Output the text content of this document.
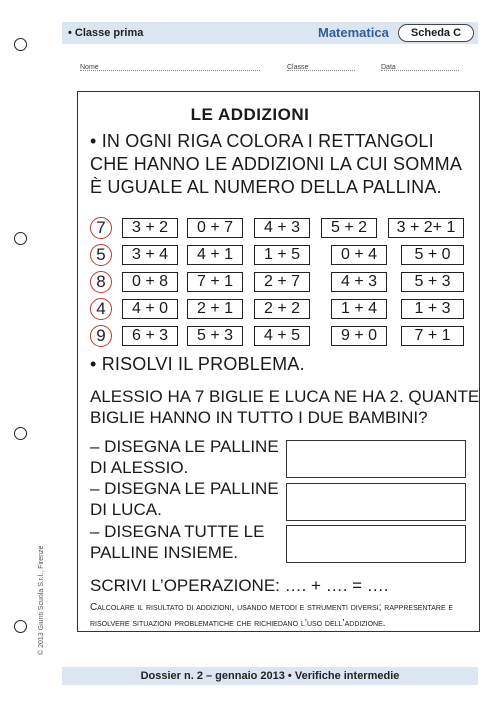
• Classe prima	Matematica	Scheda C
Nome	Classe	Data
LE ADDIZIONI
• IN OGNI RIGA COLORA I RETTANGOLI
CHE HANNO LE ADDIZIONI LA CUI SOMMA
È UGUALE AL NUMERO DELLA PALLINA.
7	3 + 2	0 + 7	4 + 3	5 + 2	3 + 2+ 1
5	3 + 4	4 + 1	1 + 5	0 + 4	5 + 0
8	0 + 8	7 + 1	2 + 7	4 + 3	5 + 3
4	4 + 0	2 + 1	2 + 2	1 + 4	1 + 3
9	6 + 3	5 + 3	4 + 5	9 + 0	7 + 1
• RISOLVI IL PROBLEMA.
ALESSIO HA 7 BIGLIE E LUCA NE HA 2. QUANTE
BIGLIE HANNO IN TUTTO I DUE BAMBINI?
– DISEGNA LE PALLINE
DI ALESSIO.
– DISEGNA LE PALLINE
DI LUCA.
– DISEGNA TUTTE LE
PALLINE INSIEME.
SCRIVI L’OPERAZIONE: …. + …. = ….
Calcolare il risultato di addizioni, usando metodi e strumenti diversi; rappresentare e risolvere situazioni problematiche che richiedano l’uso dell’addizione.
© 2013 Giunti Scuola S.r.l., Firenze
Dossier n. 2 – gennaio 2013 • Verifiche intermedie
